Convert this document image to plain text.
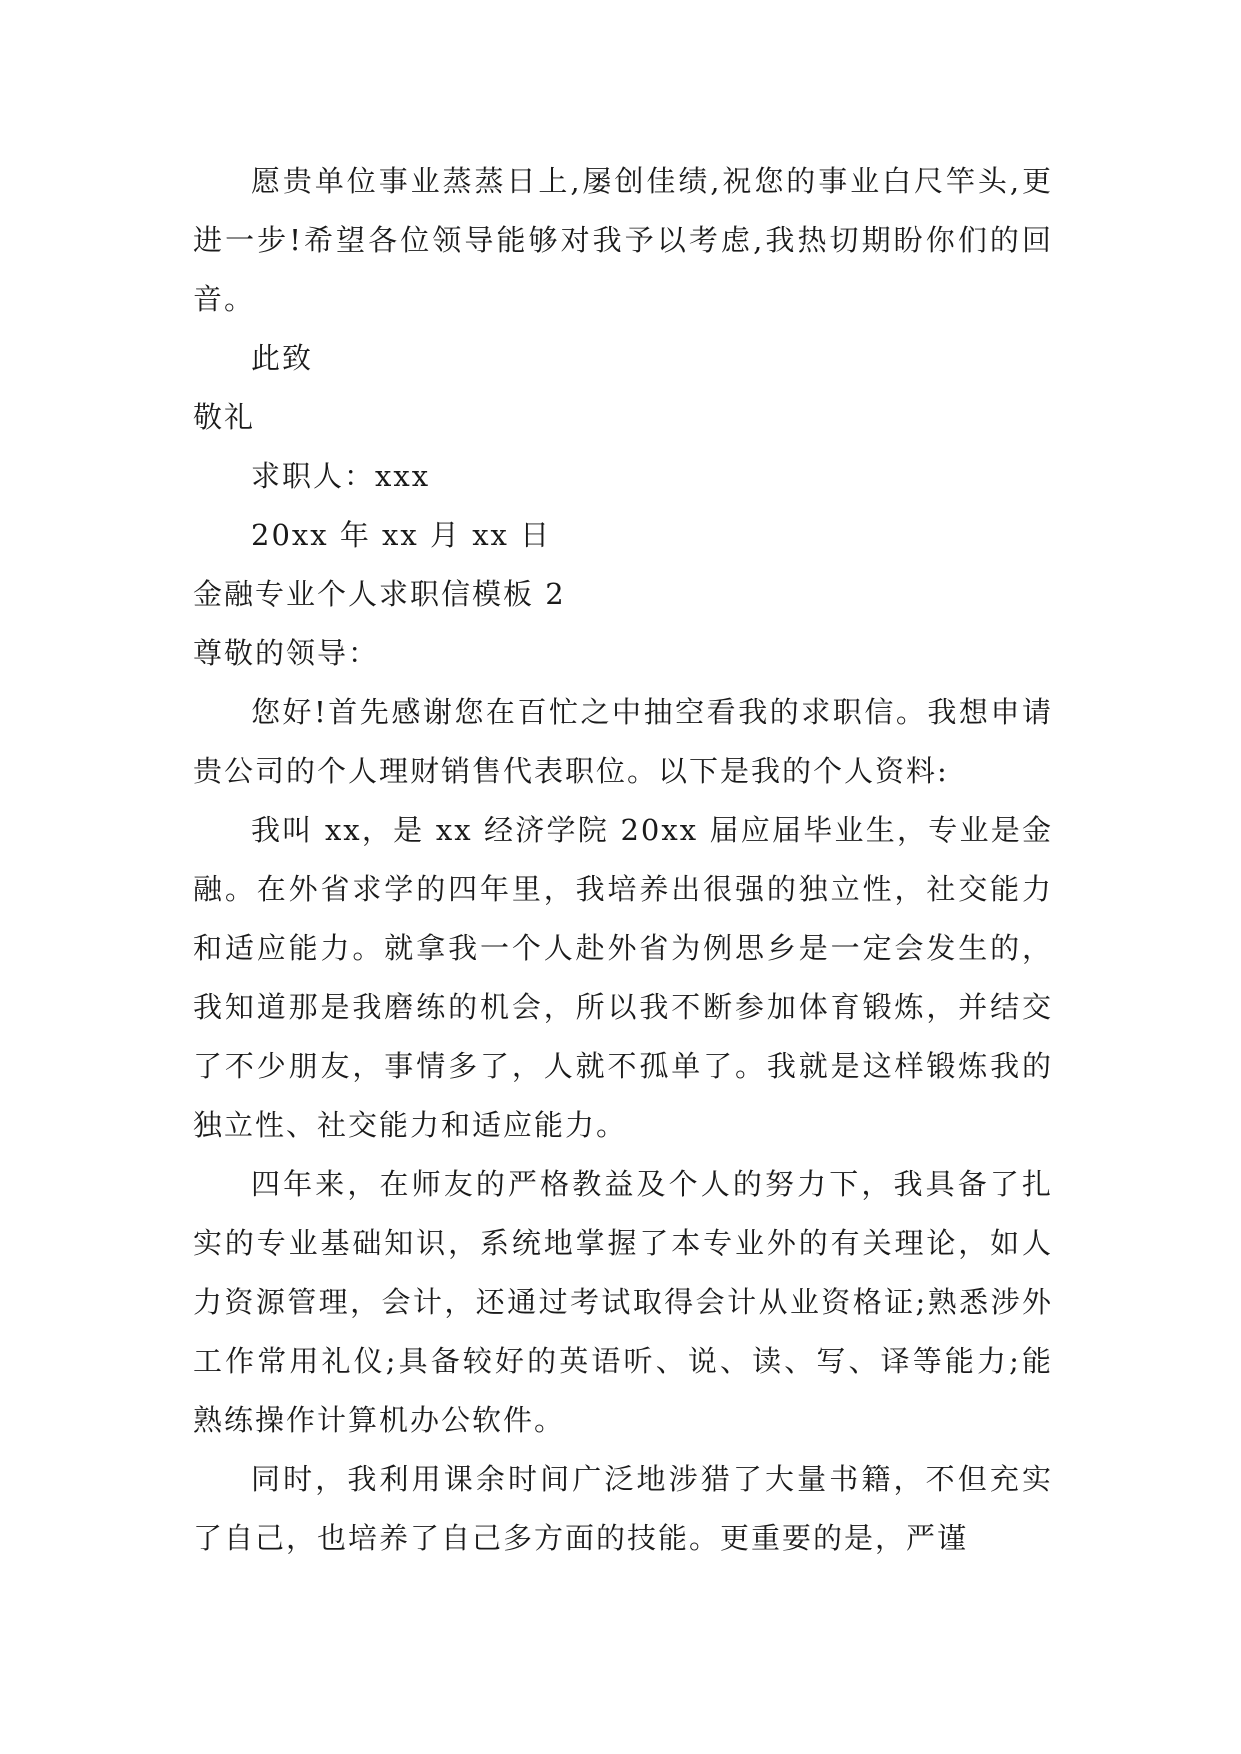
愿贵单位事业蒸蒸日上,屡创佳绩,祝您的事业白尺竿头,更进一步!希望各位领导能够对我予以考虑,我热切期盼你们的回音。

此致

敬礼

求职人：xxx

20xx 年 xx 月 xx 日

金融专业个人求职信模板 2

尊敬的领导：

您好!首先感谢您在百忙之中抽空看我的求职信。我想申请贵公司的个人理财销售代表职位。以下是我的个人资料:

我叫 xx，是 xx 经济学院 20xx 届应届毕业生，专业是金融。在外省求学的四年里，我培养出很强的独立性，社交能力和适应能力。就拿我一个人赴外省为例思乡是一定会发生的，我知道那是我磨练的机会，所以我不断参加体育锻炼，并结交了不少朋友，事情多了，人就不孤单了。我就是这样锻炼我的独立性、社交能力和适应能力。

四年来，在师友的严格教益及个人的努力下，我具备了扎实的专业基础知识，系统地掌握了本专业外的有关理论，如人力资源管理，会计，还通过考试取得会计从业资格证;熟悉涉外工作常用礼仪;具备较好的英语听、说、读、写、译等能力;能熟练操作计算机办公软件。

同时，我利用课余时间广泛地涉猎了大量书籍，不但充实了自己，也培养了自己多方面的技能。更重要的是，严谨
